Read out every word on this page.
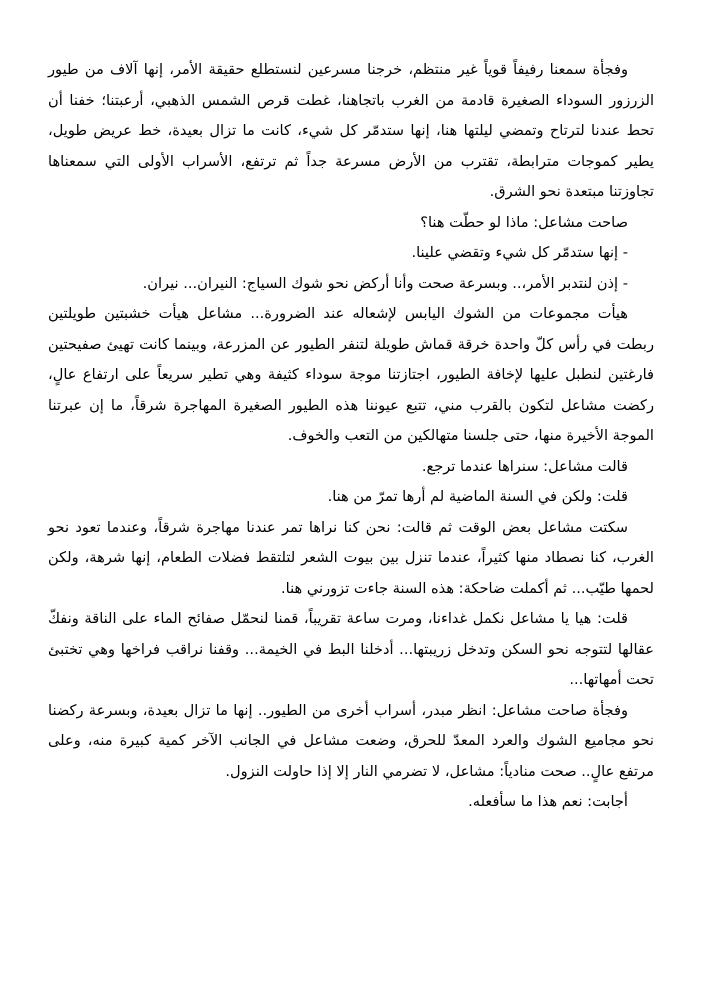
وفجأة سمعنا رفيفاً قوياً غير منتظم، خرجنا مسرعين لنستطلع حقيقة الأمر، إنها آلاف من طيور الزرزور السوداء الصغيرة قادمة من الغرب باتجاهنا، غطت قرص الشمس الذهبي، أرعبتنا؛ خفنا أن تحط عندنا لترتاح وتمضي ليلتها هنا، إنها ستدمّر كل شيء، كانت ما تزال بعيدة، خط عريض طويل، يطير كموجات مترابطة، تقترب من الأرض مسرعة جداً ثم ترتفع، الأسراب الأولى التي سمعناها تجاوزتنا مبتعدة نحو الشرق.

صاحت مشاعل: ماذا لو حطّت هنا؟

- إنها ستدمّر كل شيء وتقضي علينا.

- إذن لنتدبر الأمر،.. وبسرعة صحت وأنا أركض نحو شوك السياج: النيران... نيران.

هيأت مجموعات من الشوك اليابس لإشعاله عند الضرورة... مشاعل هيأت خشبتين طويلتين ربطت في رأس كلّ واحدة خرقة قماش طويلة لتنفر الطيور عن المزرعة، وبينما كانت تهيئ صفيحتين فارغتين لنطبل عليها لإخافة الطيور، اجتازتنا موجة سوداء كثيفة وهي تطير سريعاً على ارتفاع عالٍ، ركضت مشاعل لتكون بالقرب مني، تتبع عيوننا هذه الطيور الصغيرة المهاجرة شرقاً، ما إن عبرتنا الموجة الأخيرة منها، حتى جلسنا متهالكين من التعب والخوف.

قالت مشاعل: سنراها عندما ترجع.

قلت: ولكن في السنة الماضية لم أرها تمرّ من هنا.

سكتت مشاعل بعض الوقت ثم قالت: نحن كنا نراها تمر عندنا مهاجرة شرقاً، وعندما تعود نحو الغرب، كنا نصطاد منها كثيراً، عندما تنزل بين بيوت الشعر لتلتقط فضلات الطعام، إنها شرهة، ولكن لحمها طيّب... ثم أكملت ضاحكة: هذه السنة جاءت تزورني هنا.

قلت: هيا يا مشاعل نكمل غداءنا، ومرت ساعة تقريباً، قمنا لنحمّل صفائح الماء على الناقة ونفكّ عقالها لتتوجه نحو السكن وتدخل زريبتها... أدخلنا البط في الخيمة... وقفنا نراقب فراخها وهي تختبئ تحت أمهاتها...

وفجأة صاحت مشاعل: انظر مبدر، أسراب أخرى من الطيور.. إنها ما تزال بعيدة، وبسرعة ركضنا نحو مجاميع الشوك والعرد المعدّ للحرق، وضعت مشاعل في الجانب الآخر كمية كبيرة منه، وعلى مرتفع عالٍ.. صحت منادياً: مشاعل، لا تضرمي النار إلا إذا حاولت النزول.

أجابت: نعم هذا ما سأفعله.
